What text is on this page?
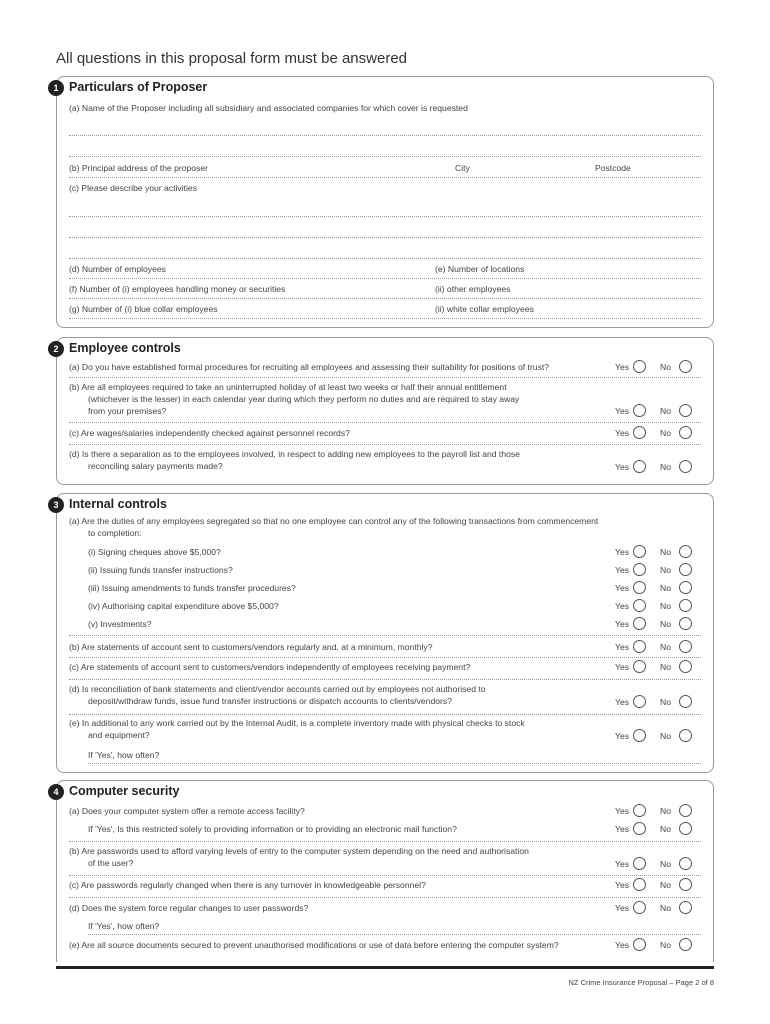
All questions in this proposal form must be answered
1 Particulars of Proposer
(a) Name of the Proposer including all subsidiary and associated companies for which cover is requested
(b) Principal address of the proposer	City	Postcode
(c) Please describe your activities
(d) Number of employees	(e) Number of locations
(f) Number of (i) employees handling money or securities	(ii) other employees
(g) Number of (i) blue collar employees	(ii) white collar employees
2 Employee controls
(a) Do you have established formal procedures for recruiting all employees and assessing their suitability for positions of trust?	Yes	No
(b) Are all employees required to take an uninterrupted holiday of at least two weeks or half their annual entitlement
(whichever is the lesser) in each calendar year during which they perform no duties and are required to stay away
from your premises?	Yes	No
(c) Are wages/salaries independently checked against personnel records?	Yes	No
(d) Is there a separation as to the employees involved, in respect to adding new employees to the payroll list and those
reconciling salary payments made?	Yes	No
3 Internal controls
(a) Are the duties of any employees segregated so that no one employee can control any of the following transactions from commencement
to completion:
(i) Signing cheques above $5,000?	Yes	No
(ii) Issuing funds transfer instructions?	Yes	No
(iii) Issuing amendments to funds transfer procedures?	Yes	No
(iv) Authorising capital expenditure above $5,000?	Yes	No
(v) Investments?	Yes	No
(b) Are statements of account sent to customers/vendors regularly and, at a minimum, monthly?	Yes	No
(c) Are statements of account sent to customers/vendors independently of employees receiving payment?	Yes	No
(d) Is reconciliation of bank statements and client/vendor accounts carried out by employees not authorised to
deposit/withdraw funds, issue fund transfer instructions or dispatch accounts to clients/vendors?	Yes	No
(e) In additional to any work carried out by the Internal Audit, is a complete inventory made with physical checks to stock
and equipment?
If 'Yes', how often?
Yes	No
4 Computer security
(a) Does your computer system offer a remote access facility?	Yes	No
If 'Yes', Is this restricted solely to providing information or to providing an electronic mail function?	Yes	No
(b) Are passwords used to afford varying levels of entry to the computer system depending on the need and authorisation
of the user?	Yes	No
(c) Are passwords regularly changed when there is any turnover in knowledgeable personnel?	Yes	No
(d) Does the system force regular changes to user passwords?
If 'Yes', how often?
Yes	No
(e) Are all source documents secured to prevent unauthorised modifications or use of data before entering the computer system?	Yes	No
NZ Crime Insurance Proposal – Page 2 of 8
